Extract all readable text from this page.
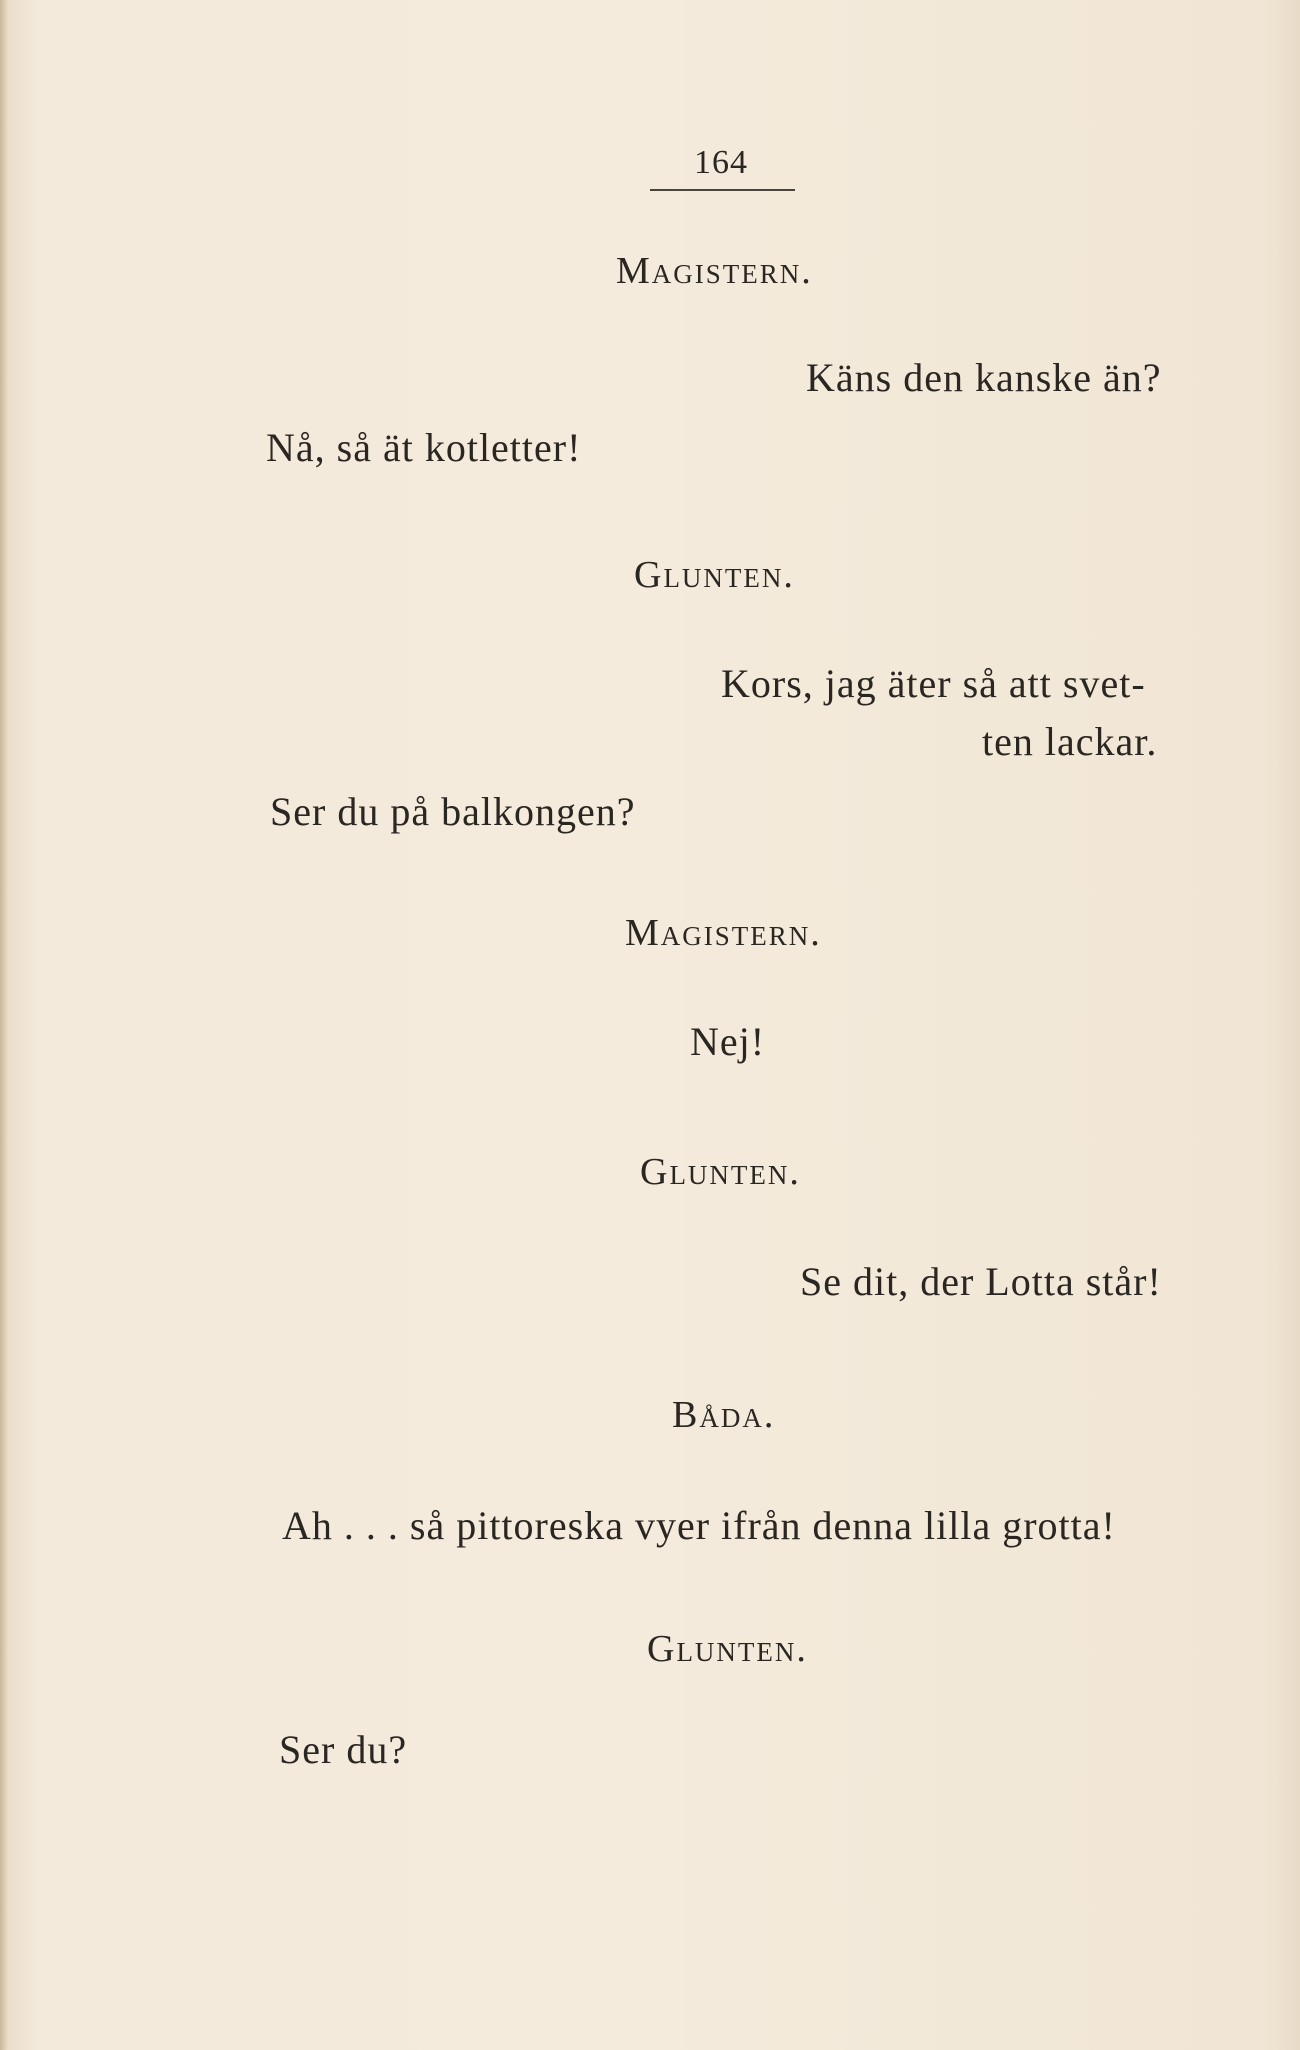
164
Magistern.
Käns den kanske än?
Nå, så ät kotletter!
Glunten.
Kors, jag äter så att svet-
ten lackar.
Ser du på balkongen?
Magistern.
Nej!
Glunten.
Se dit, der Lotta står!
Båda.
Ah . . . så pittoreska vyer ifrån denna lilla grotta!
Glunten.
Ser du?
